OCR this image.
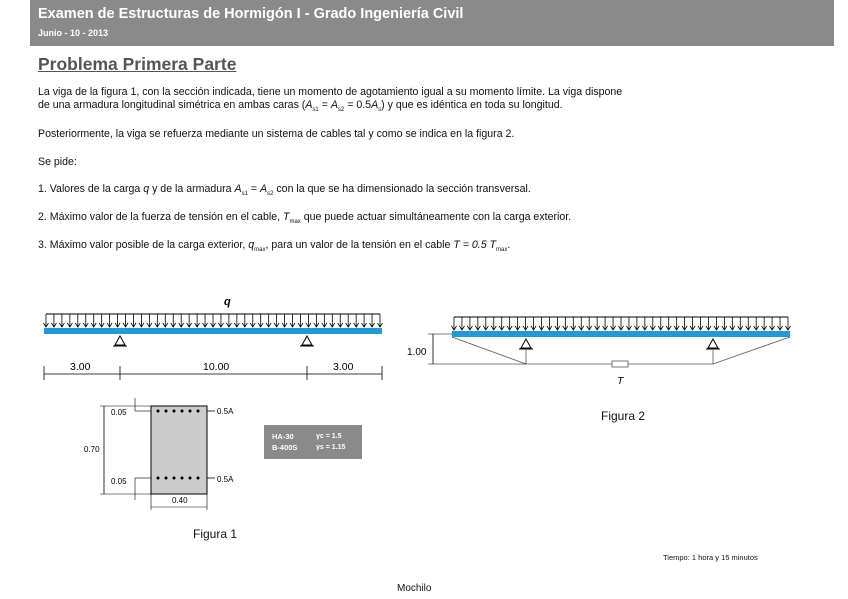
Examen de Estructuras de Hormigón I - Grado Ingeniería Civil
Junio - 10 - 2013
Problema Primera Parte
La viga de la figura 1, con la sección indicada, tiene un momento de agotamiento igual a su momento límite. La viga dispone
de una armadura longitudinal simétrica en ambas caras $(A_{s1} = A_{s2} = 0.5A_s)$ y que es idéntica en toda su longitud.
Posteriormente, la viga se refuerza mediante un sistema de cables tal y como se indica en la figura 2.
Se pide:
1. Valores de la carga q y de la armadura $A_{s1} = A_{s2}$ con la que se ha dimensionado la sección transversal.
2. Máximo valor de la fuerza de tensión en el cable, $T_{max}$ que puede actuar simultáneamente con la carga exterior.
3. Máximo valor posible de la carga exterior, $q_{max}$, para un valor de la tensión en el cable T = 0.5 $T_{max}$.
q
3.00	10.00	3.00
0.5A
0.5A
0.05
0.70
0.05
0.40
HA-30
B-400S
γc = 1.5
γs = 1.15
T
1.00
Figura 1
Figura 2
Tiempo: 1 hora y 15 minutos
Mochilo
